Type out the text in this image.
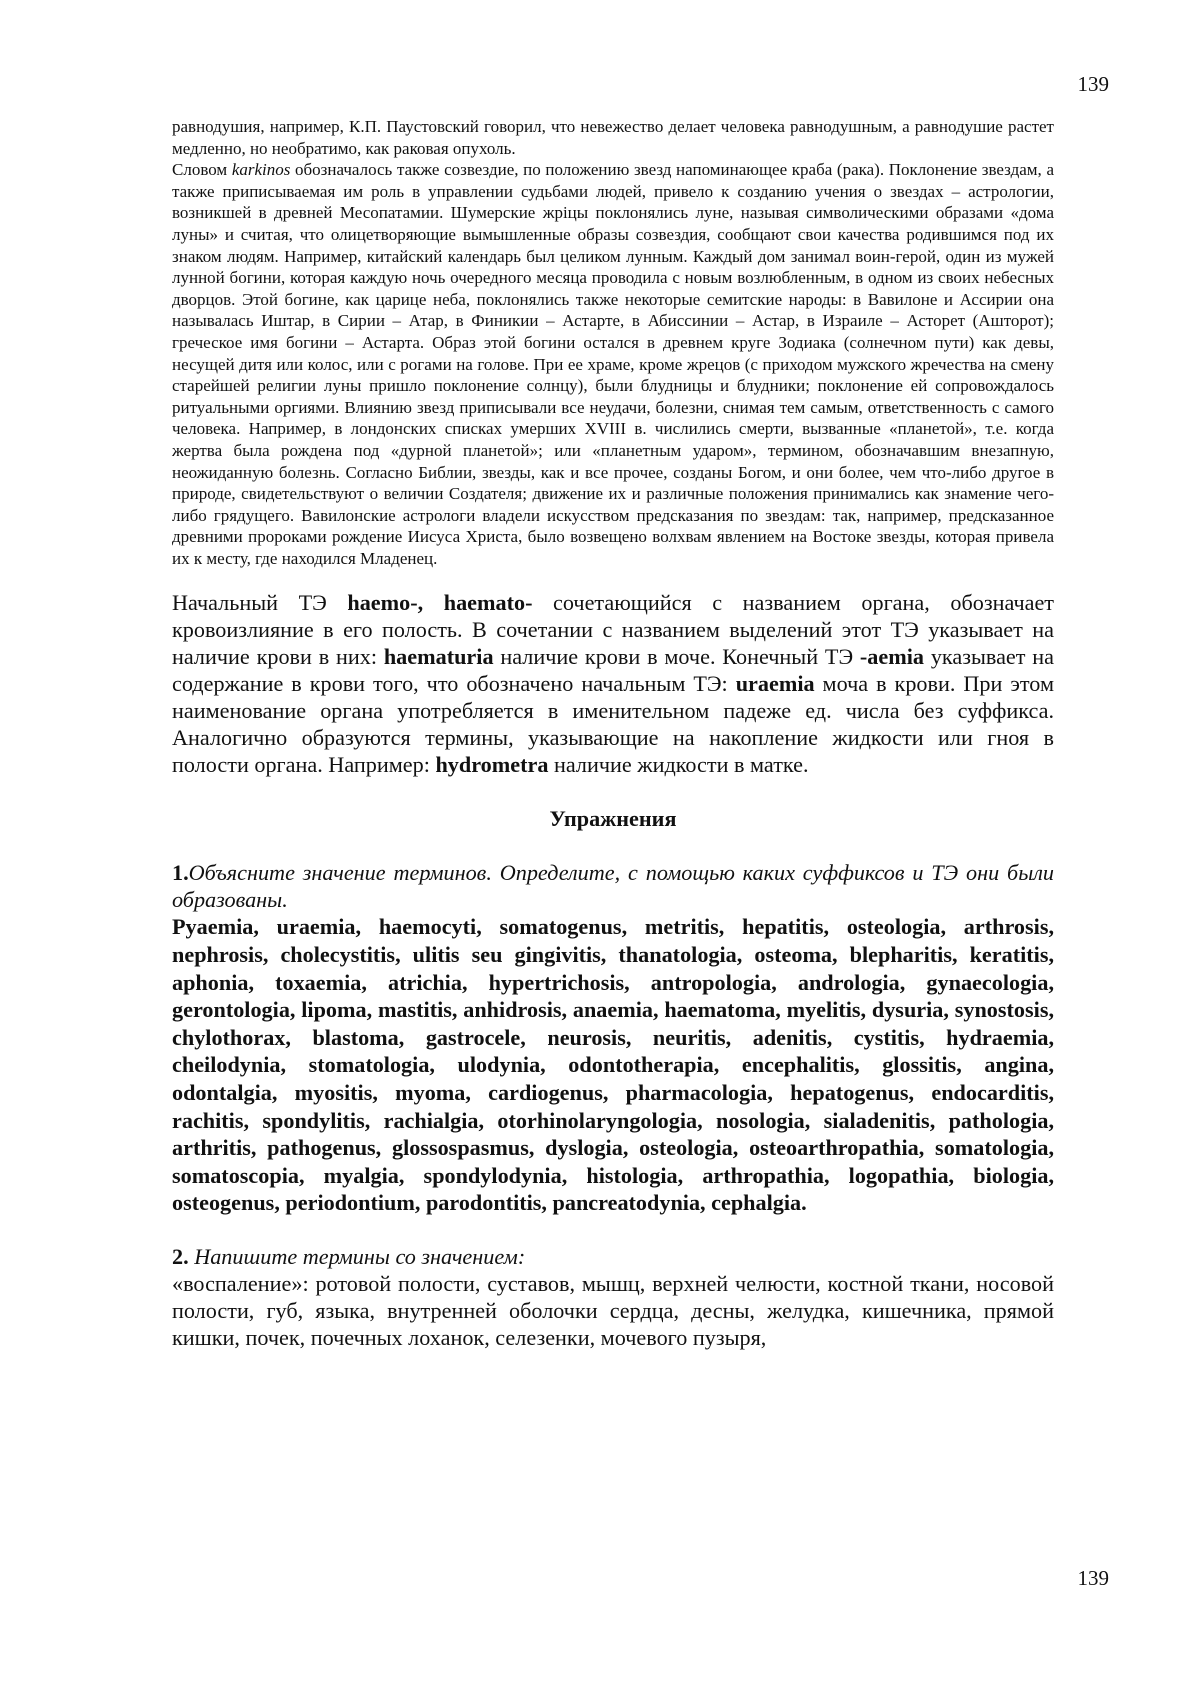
139

равнодушия, например, К.П. Паустовский говорил, что невежество делает человека равнодушным, а равнодушие растет медленно, но необратимо, как раковая опухоль.

Словом karkinos обозначалось также созвездие, по положению звезд напоминающее краба (рака). Поклонение звездам, а также приписываемая им роль в управлении судьбами людей, привело к созданию учения о звездах – астрологии, возникшей в древней Месопатамии. Шумерские жрiцы поклонялись луне, называя символическими образами «дома луны» и считая, что олицетворяющие вымышленные образы созвездия, сообщают свои качества родившимся под их знаком людям. Например, китайский календарь был целиком лунным. Каждый дом занимал воин-герой, один из мужей лунной богини, которая каждую ночь очередного месяца проводила с новым возлюбленным, в одном из своих небесных дворцов. Этой богине, как царице неба, поклонялись также некоторые семитские народы: в Вавилоне и Ассирии она называлась Иштар, в Сирии – Атар, в Финикии – Астарте, в Абиссинии – Астар, в Израиле – Асторет (Ашторот); греческое имя богини – Астарта. Образ этой богини остался в древнем круге Зодиака (солнечном пути) как девы, несущей дитя или колос, или с рогами на голове. При ее храме, кроме жрецов (с приходом мужского жречества на смену старейшей религии луны пришло поклонение солнцу), были блудницы и блудники; поклонение ей сопровождалось ритуальными оргиями. Влиянию звезд приписывали все неудачи, болезни, снимая тем самым, ответственность с самого человека. Например, в лондонских списках умерших XVIII в. числились смерти, вызванные «планетой», т.е. когда жертва была рождена под «дурной планетой»; или «планетным ударом», термином, обозначавшим внезапную, неожиданную болезнь. Согласно Библии, звезды, как и все прочее, созданы Богом, и они более, чем что-либо другое в природе, свидетельствуют о величии Создателя; движение их и различные положения принимались как знамение чего-либо грядущего. Вавилонские астрологи владели искусством предсказания по звездам: так, например, предсказанное древними пророками рождение Иисуса Христа, было возвещено волхвам явлением на Востоке звезды, которая привела их к месту, где находился Младенец.

Начальный ТЭ haemo-, haemato- сочетающийся с названием органа, обозначает кровоизлияние в его полость. В сочетании с названием выделений этот ТЭ указывает на наличие крови в них: haematuria наличие крови в моче. Конечный ТЭ -aemia указывает на содержание в крови того, что обозначено начальным ТЭ: uraemia моча в крови. При этом наименование органа употребляется в именительном падеже ед. числа без суффикса. Аналогично образуются термины, указывающие на накопление жидкости или гноя в полости органа. Например: hydrometra наличие жидкости в матке.

Упражнения

1.Объясните значение терминов. Определите, с помощью каких суффиксов и ТЭ они были образованы.

Pyaemia, uraemia, haemocyti, somatogenus, metritis, hepatitis, osteologia, arthrosis, nephrosis, cholecystitis, ulitis seu gingivitis, thanatologia, osteoma, blepharitis, keratitis, aphonia, toxaemia, atrichia, hypertrichosis, antropologia, andrologia, gynaecologia, gerontologia, lipoma, mastitis, anhidrosis, anaemia, haematoma, myelitis, dysuria, synostosis, chylothorax, blastoma, gastrocele, neurosis, neuritis, adenitis, cystitis, hydraemia, cheilodynia, stomatologia, ulodynia, odontotherapia, encephalitis, glossitis, angina, odontalgia, myositis, myoma, cardiogenus, pharmacologia, hepatogenus, endocarditis, rachitis, spondylitis, rachialgia, otorhinolaryngologia, nosologia, sialadenitis, pathologia, arthritis, pathogenus, glossospasmus, dyslogia, osteologia, osteoarthropathia, somatologia, somatoscopia, myalgia, spondylodynia, histologia, arthropathia, logopathia, biologia, osteogenus, periodontium, parodontitis, pancreatodynia, cephalgia.

2. Напишите термины со значением:

«воспаление»: ротовой полости, суставов, мышц, верхней челюсти, костной ткани, носовой полости, губ, языка, внутренней оболочки сердца, десны, желудка, кишечника, прямой кишки, почек, почечных лоханок, селезенки, мочевого пузыря,

139
